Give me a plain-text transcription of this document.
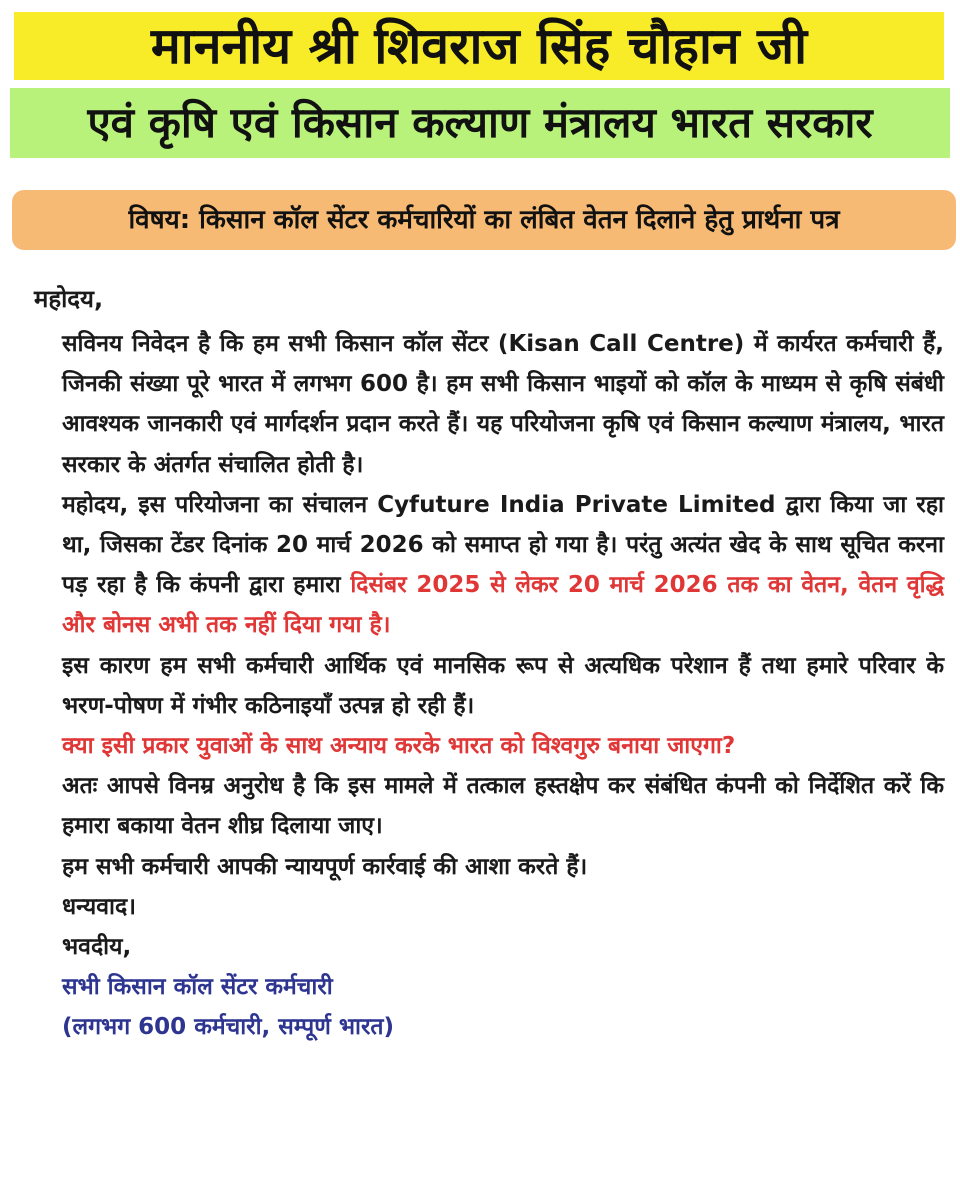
माननीय श्री शिवराज सिंह चौहान जी
एवं कृषि एवं किसान कल्याण मंत्रालय भारत सरकार
विषय: किसान कॉल सेंटर कर्मचारियों का लंबित वेतन दिलाने हेतु प्रार्थना पत्र
महोदय,

सविनय निवेदन है कि हम सभी किसान कॉल सेंटर (Kisan Call Centre) में कार्यरत कर्मचारी हैं, जिनकी संख्या पूरे भारत में लगभग 600 है। हम सभी किसान भाइयों को कॉल के माध्यम से कृषि संबंधी आवश्यक जानकारी एवं मार्गदर्शन प्रदान करते हैं। यह परियोजना कृषि एवं किसान कल्याण मंत्रालय, भारत सरकार के अंतर्गत संचालित होती है।

महोदय, इस परियोजना का संचालन Cyfuture India Private Limited द्वारा किया जा रहा था, जिसका टेंडर दिनांक 20 मार्च 2026 को समाप्त हो गया है। परंतु अत्यंत खेद के साथ सूचित करना पड़ रहा है कि कंपनी द्वारा हमारा दिसंबर 2025 से लेकर 20 मार्च 2026 तक का वेतन, वेतन वृद्धि और बोनस अभी तक नहीं दिया गया है।

इस कारण हम सभी कर्मचारी आर्थिक एवं मानसिक रूप से अत्यधिक परेशान हैं तथा हमारे परिवार के भरण-पोषण में गंभीर कठिनाइयाँ उत्पन्न हो रही हैं।

क्या इसी प्रकार युवाओं के साथ अन्याय करके भारत को विश्वगुरु बनाया जाएगा?

अतः आपसे विनम्र अनुरोध है कि इस मामले में तत्काल हस्तक्षेप कर संबंधित कंपनी को निर्देशित करें कि हमारा बकाया वेतन शीघ्र दिलाया जाए।

हम सभी कर्मचारी आपकी न्यायपूर्ण कार्रवाई की आशा करते हैं।

धन्यवाद।

भवदीय,

सभी किसान कॉल सेंटर कर्मचारी

(लगभग 600 कर्मचारी, सम्पूर्ण भारत)
